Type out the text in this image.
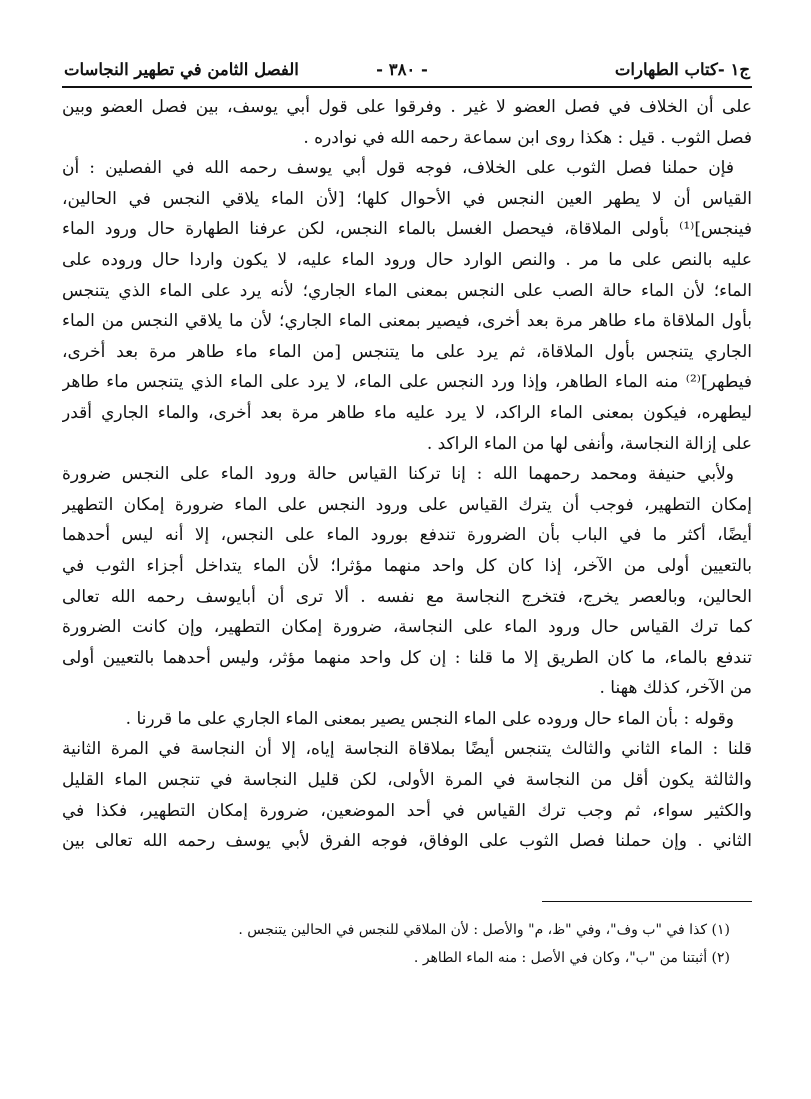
ج١ -كتاب الطهارات
- ٣٨٠ -
الفصل الثامن في تطهير النجاسات
على أن الخلاف في فصل العضو لا غير . وفرقوا على قول أبي يوسف، بين فصل العضو وبين
فصل الثوب . قيل : هكذا روى ابن سماعة رحمه الله في نوادره .
فإن حملنا فصل الثوب على الخلاف، فوجه قول أبي يوسف رحمه الله في الفصلين : أن
القياس أن لا يطهر العين النجس في الأحوال كلها؛ [لأن الماء يلاقي النجس في الحالين،
فينجس]⁽¹⁾ بأولى الملاقاة، فيحصل الغسل بالماء النجس، لكن عرفنا الطهارة حال ورود الماء
عليه بالنص على ما مر . والنص الوارد حال ورود الماء عليه، لا يكون واردا حال وروده على
الماء؛ لأن الماء حالة الصب على النجس بمعنى الماء الجاري؛ لأنه يرد على الماء الذي يتنجس
بأول الملاقاة ماء طاهر مرة بعد أخرى، فيصير بمعنى الماء الجاري؛ لأن ما يلاقي النجس من الماء
الجاري يتنجس بأول الملاقاة، ثم يرد على ما يتنجس [من الماء ماء طاهر مرة بعد أخرى،
فيطهر]⁽²⁾ منه الماء الطاهر، وإذا ورد النجس على الماء، لا يرد على الماء الذي يتنجس ماء طاهر
ليطهره، فيكون بمعنى الماء الراكد، لا يرد عليه ماء طاهر مرة بعد أخرى، والماء الجاري أقدر
على إزالة النجاسة، وأنفى لها من الماء الراكد .
ولأبي حنيفة ومحمد رحمهما الله : إنا تركنا القياس حالة ورود الماء على النجس ضرورة
إمكان التطهير، فوجب أن يترك القياس على ورود النجس على الماء ضرورة إمكان التطهير
أيضًا، أكثر ما في الباب بأن الضرورة تندفع بورود الماء على النجس، إلا أنه ليس أحدهما
بالتعيين أولى من الآخر، إذا كان كل واحد منهما مؤثرا؛ لأن الماء يتداخل أجزاء الثوب في
الحالين، وبالعصر يخرج، فتخرج النجاسة مع نفسه . ألا ترى أن أبايوسف رحمه الله تعالى
كما ترك القياس حال ورود الماء على النجاسة، ضرورة إمكان التطهير، وإن كانت الضرورة
تندفع بالماء، ما كان الطريق إلا ما قلنا : إن كل واحد منهما مؤثر، وليس أحدهما بالتعيين أولى
من الآخر، كذلك ههنا .
وقوله : بأن الماء حال وروده على الماء النجس يصير بمعنى الماء الجاري على ما قررنا .
قلنا : الماء الثاني والثالث يتنجس أيضًا بملاقاة النجاسة إياه، إلا أن النجاسة في المرة الثانية
والثالثة يكون أقل من النجاسة في المرة الأولى، لكن قليل النجاسة في تنجس الماء القليل
والكثير سواء، ثم وجب ترك القياس في أحد الموضعين، ضرورة إمكان التطهير، فكذا في
الثاني . وإن حملنا فصل الثوب على الوفاق، فوجه الفرق لأبي يوسف رحمه الله تعالى بين
(١) كذا في "ب وف"، وفي "ظ، م" والأصل : لأن الملاقي للنجس في الحالين يتنجس .
(٢) أثبتنا من "ب"، وكان في الأصل : منه الماء الطاهر .
